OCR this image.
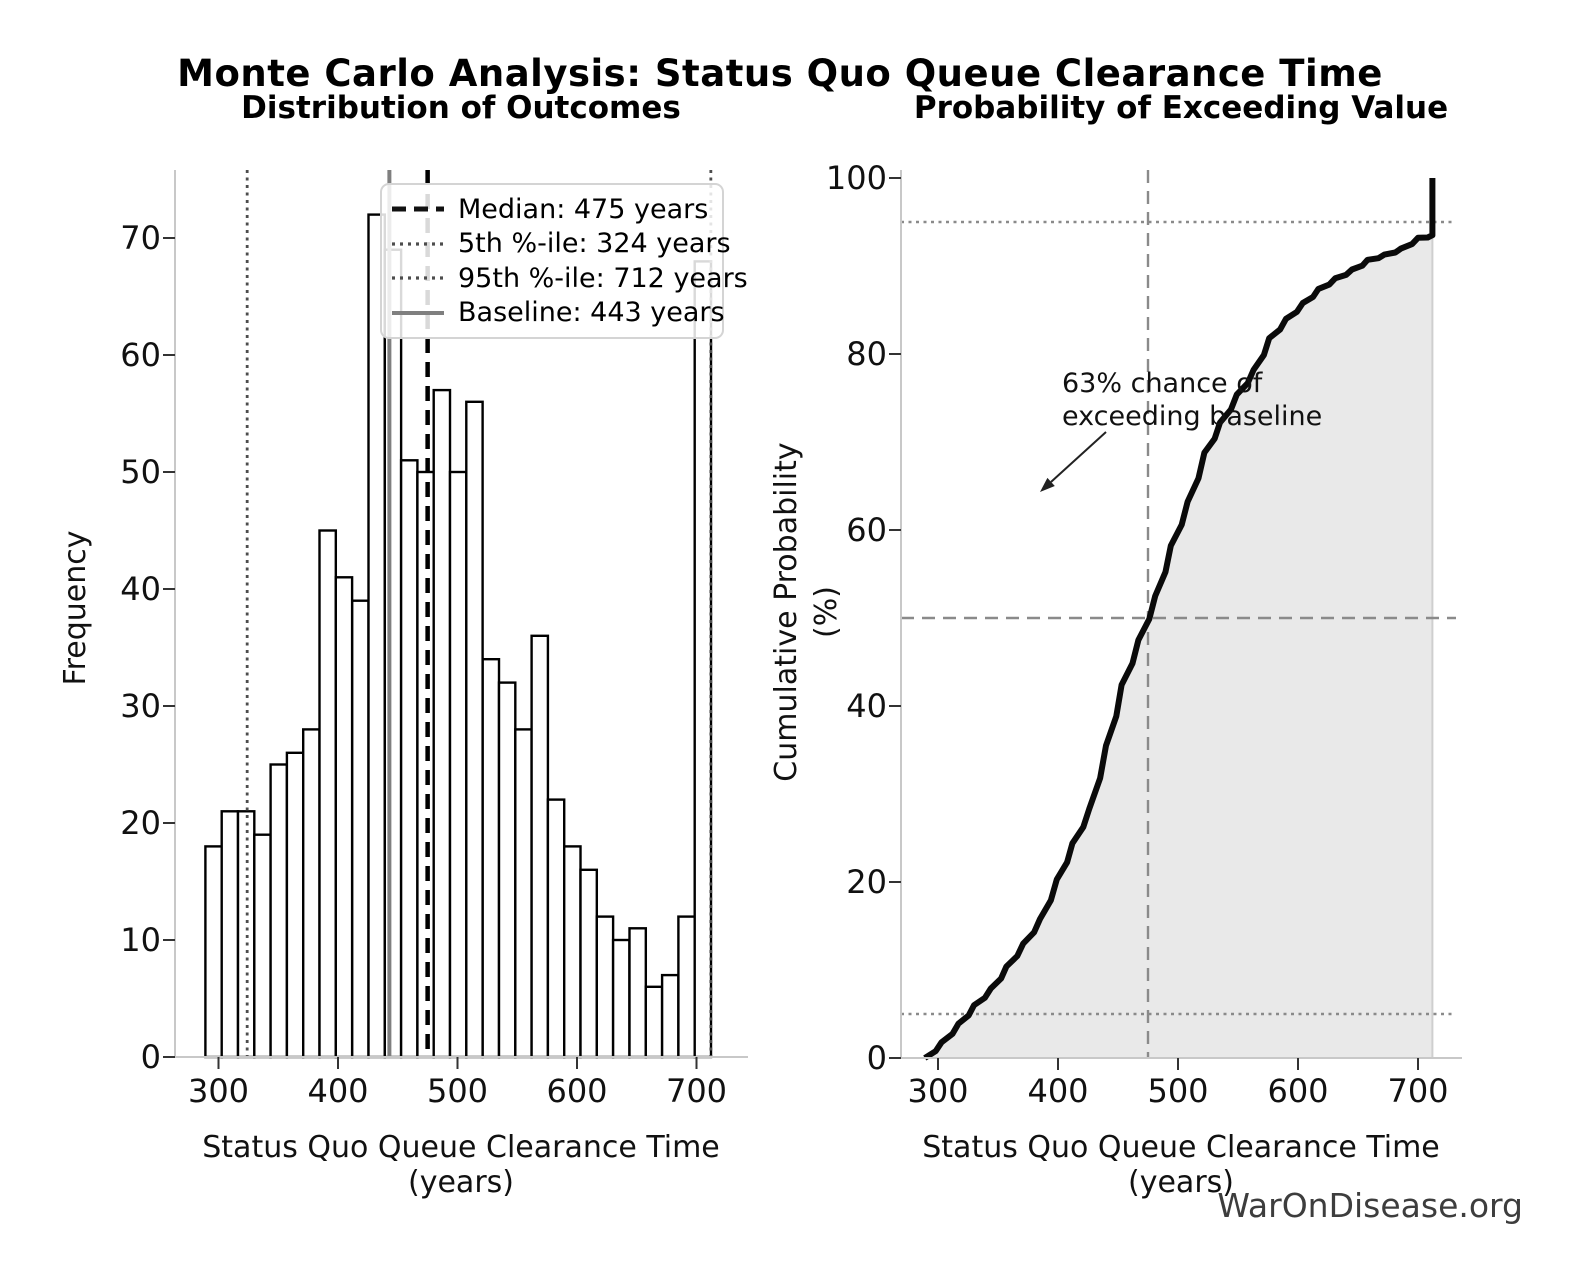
Monte Carlo Analysis: Status Quo Queue Clearance Time
Distribution of Outcomes	Probability of Exceeding Value
Status Quo Queue Clearance Time (years)
Status Quo Queue Clearance Time (years)
Frequency	Cumulative Probability (%)
Median: 475 years
5th %-ile: 324 years
95th %-ile: 712 years
Baseline: 443 years
63% chance of
exceeding baseline
WarOnDisease.org
300	400	500	600	700
0
10
20
30
40
50
60
70
300	400	500	600	700
0
20
40
60
80
100
